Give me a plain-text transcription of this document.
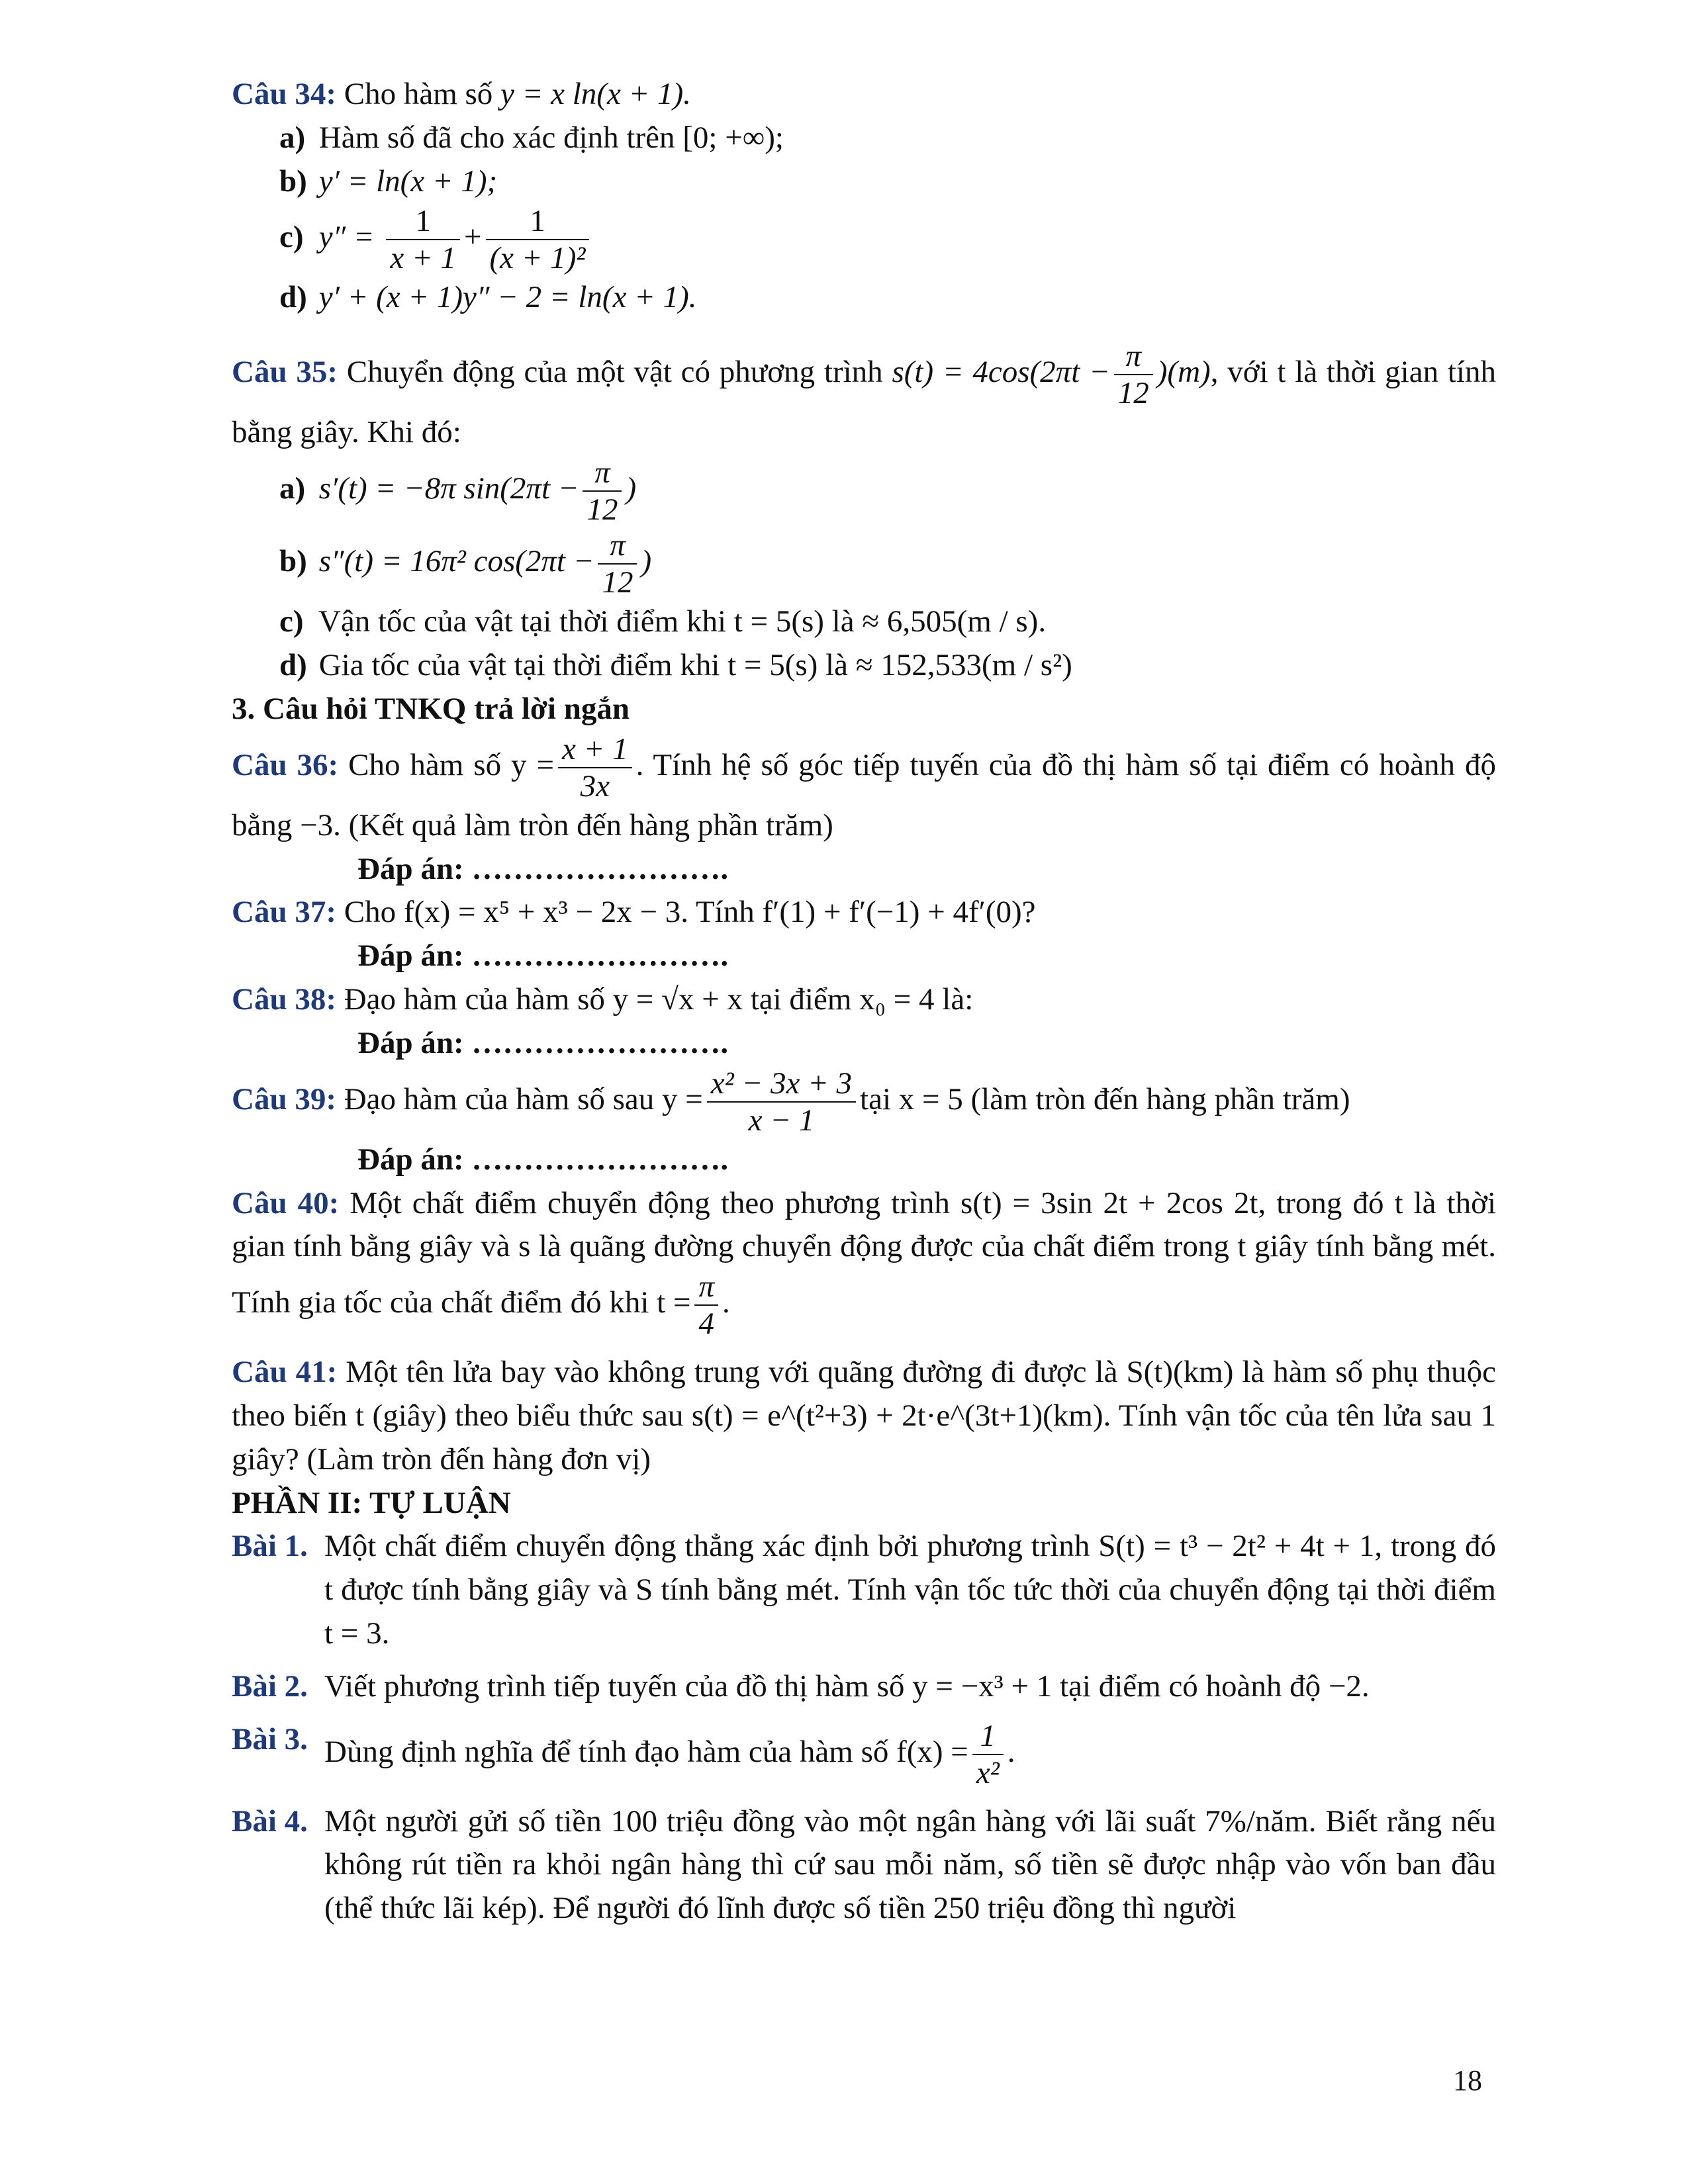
Câu 34: Cho hàm số y = x ln(x + 1).

a) Hàm số đã cho xác định trên [0; +∞);

b) y′ = ln(x + 1);

c) $y'' = \frac{1}{x + 1} + \frac{1}{\text{(x + 1)²}}$

d) y′ + (x + 1)y″ − 2 = ln(x + 1).

Câu 35: Chuyển động của một vật có phương trình $s(t) = 4\cos(2\pi t - \frac{\pi}{12} )(m)$, với t là thời gian tính bằng giây. Khi đó:

a) s′(t) = −8π $\sin(2\pi t - \frac{\pi}{12}$ )

b) s″(t) = 16π² $\cos(2\pi t - \frac{\pi}{12}$ )

c) Vận tốc của vật tại thời điểm khi t = 5(s) là ≈ 6,505(m / s).

d) Gia tốc của vật tại thời điểm khi t = 5(s) là ≈ 152,533(m / s²)

3. Câu hỏi TNKQ trả lời ngắn

Câu 36: Cho hàm số $y = \frac{x + 1}{3x}$ . Tính hệ số góc tiếp tuyến của đồ thị hàm số tại điểm có hoành độ bằng −3. (Kết quả làm tròn đến hàng phần trăm)

Đáp án: …………………….

Câu 37: Cho f(x) = x⁵ + x³ − 2x − 3. Tính f′(1) + f′(−1) + 4f′(0)?

Đáp án: …………………….

Câu 38: Đạo hàm của hàm số y = √x + x tại điểm x₀ = 4 là:

Đáp án: …………………….

Câu 39: Đạo hàm của hàm số sau $y = \frac{\text{x² − 3x + 3}}{x - 1}$ tại x = 5 (làm tròn đến hàng phần trăm)

Đáp án: …………………….

Câu 40: Một chất điểm chuyển động theo phương trình s(t) = 3sin 2t + 2cos 2t, trong đó t là thời gian tính bằng giây và s là quãng đường chuyển động được của chất điểm trong t giây tính bằng mét. Tính gia tốc của chất điểm đó khi $t = \frac{\pi}{4}$ .

Câu 41: Một tên lửa bay vào không trung với quãng đường đi được là S(t)(km) là hàm số phụ thuộc theo biến t (giây) theo biểu thức sau s(t) = e^(t²+3) + 2t·e^(3t+1)(km). Tính vận tốc của tên lửa sau 1 giây? (Làm tròn đến hàng đơn vị)

PHẦN II: TỰ LUẬN

Bài 1. Một chất điểm chuyển động thẳng xác định bởi phương trình S(t) = t³ − 2t² + 4t + 1, trong đó t được tính bằng giây và S tính bằng mét. Tính vận tốc tức thời của chuyển động tại thời điểm t = 3.
Bài 2. Viết phương trình tiếp tuyến của đồ thị hàm số y = −x³ + 1 tại điểm có hoành độ −2.
Bài 3. Dùng định nghĩa để tính đạo hàm của hàm số $f(x) = \frac{1}{\text{x²}}$ .
Bài 4. Một người gửi số tiền 100 triệu đồng vào một ngân hàng với lãi suất 7%/năm. Biết rằng nếu không rút tiền ra khỏi ngân hàng thì cứ sau mỗi năm, số tiền sẽ được nhập vào vốn ban đầu (thể thức lãi kép). Để người đó lĩnh được số tiền 250 triệu đồng thì người
18
